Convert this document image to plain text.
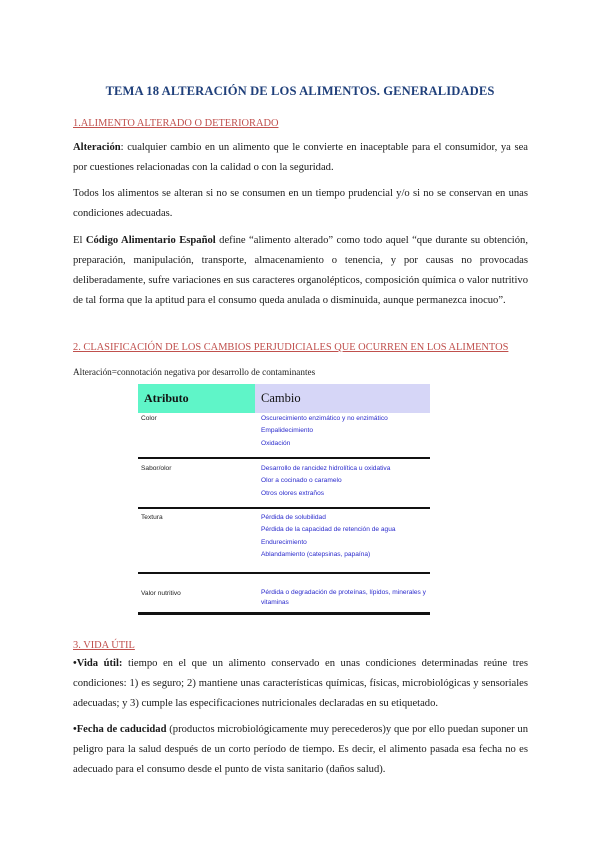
TEMA 18 ALTERACIÓN DE LOS ALIMENTOS. GENERALIDADES
1.ALIMENTO ALTERADO O DETERIORADO

Alteración: cualquier cambio en un alimento que le convierte en inaceptable para el consumidor, ya sea por cuestiones relacionadas con la calidad o con la seguridad.

Todos los alimentos se alteran si no se consumen en un tiempo prudencial y/o si no se conservan en unas condiciones adecuadas.

El Código Alimentario Español define “alimento alterado” como todo aquel “que durante su obtención, preparación, manipulación, transporte, almacenamiento o tenencia, y por causas no provocadas deliberadamente, sufre variaciones en sus caracteres organolépticos, composición química o valor nutritivo de tal forma que la aptitud para el consumo queda anulada o disminuida, aunque permanezca inocuo”.

2. CLASIFICACIÓN DE LOS CAMBIOS PERJUDICIALES QUE OCURREN EN LOS ALIMENTOS
Alteración=connotación negativa por desarrollo de contaminantes
Atributo	Cambio
Color	Oscurecimiento enzimático y no enzimático
Empalidecimiento
Oxidación

Sabor/olor	Desarrollo de rancidez hidrolítica u oxidativa
Olor a cocinado o caramelo
Otros olores extraños

Textura	Pérdida de solubilidad
Pérdida de la capacidad de retención de agua
Endurecimiento
Ablandamiento (catepsinas, papaína)

Valor nutritivo	Pérdida o degradación de proteínas, lípidos, minerales y vitaminas
3. VIDA ÚTIL

•Vida útil: tiempo en el que un alimento conservado en unas condiciones determinadas reúne tres condiciones: 1) es seguro; 2) mantiene unas características químicas, físicas, microbiológicas y sensoriales adecuadas; y 3) cumple las especificaciones nutricionales declaradas en su etiquetado.

•Fecha de caducidad (productos microbiológicamente muy perecederos)y que por ello puedan suponer un peligro para la salud después de un corto período de tiempo. Es decir, el alimento pasada esa fecha no es adecuado para el consumo desde el punto de vista sanitario (daños salud).
